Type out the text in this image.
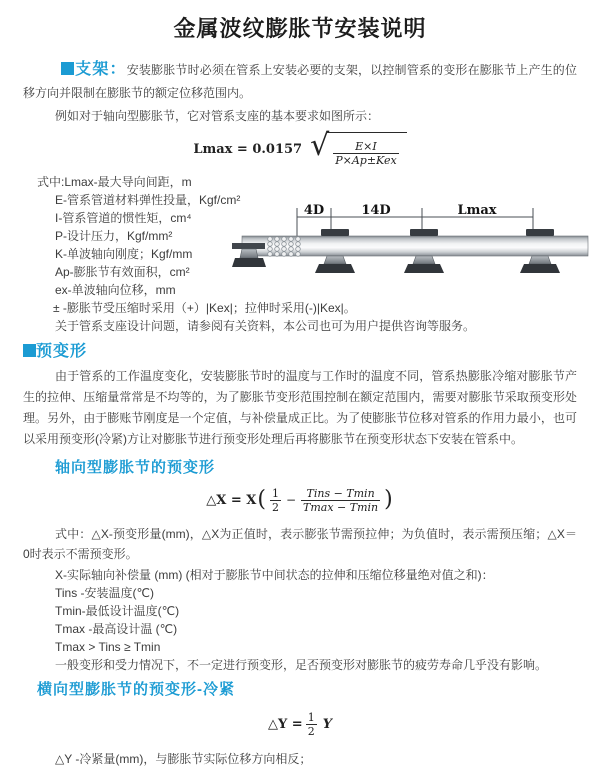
金属波纹膨胀节安装说明

支架：安装膨胀节时必须在管系上安装必要的支架，以控制管系的变形在膨胀节上产生的位移方向并限制在膨胀节的额定位移范围内。

例如对于轴向型膨胀节，它对管系支座的基本要求如图所示：

Lmax = 0.0157 √ $\frac{E\times I}{\text{P×Ap±Kex}}$
式中:Lmax-最大导向间距，m
E-管系管道材料弹性投量，Kgf/cm²
I-管系管道的惯性矩，cm⁴
P-设计压力，Kgf/mm²
K-单波轴向刚度；Kgf/mm
Ap-膨胀节有效面积，cm²
ex-单波轴向位移，mm
± -膨胀节受压缩时采用（+）|Kex|；拉伸时采用(-)|Kex|。
关于管系支座设计问题，请参阅有关资料，本公司也可为用户提供咨询等服务。
4D	14D	Lmax
预变形

由于管系的工作温度变化，安装膨胀节时的温度与工作时的温度不同，管系热膨胀冷缩对膨胀节产生的拉伸、压缩量常常是不均等的，为了膨胀节变形范围控制在额定范围内，需要对膨胀节采取预变形处理。另外，由于膨账节刚度是一个定值，与补偿量成正比。为了使膨胀节位移对管系的作用力最小，也可以采用预变形(冷紧)方让对膨胀节进行预变形处理后再将膨胀节在预变形状态下安装在管系中。

轴向型膨胀节的预变形
△X = X ( $\frac{1}{2} - \frac{\text{Tins − Tmin}}{Tmax - Tmin}$ )

式中：△X-预变形量(mm)，△X为正值时，表示膨张节需预拉伸；为负值时，表示需预压缩；△X＝0时表示不需预变形。

X-实际轴向补偿量 (mm) (相对于膨胀节中间状态的拉伸和压缩位移量绝对值之和)：
Tins -安装温度(℃)
Tmin-最低设计温度(℃)
Tmax -最高设计温 (℃)
Tmax > Tins ≥ Tmin
一般变形和受力情况下，不一定进行预变形，足否预变形对膨胀节的疲劳寿命几乎没有影响。
横向型膨胀节的预变形-冷紧
△Y = $\frac{1}{2}$ Y

△Y -冷紧量(mm)，与膨胀节实际位移方向相反；
